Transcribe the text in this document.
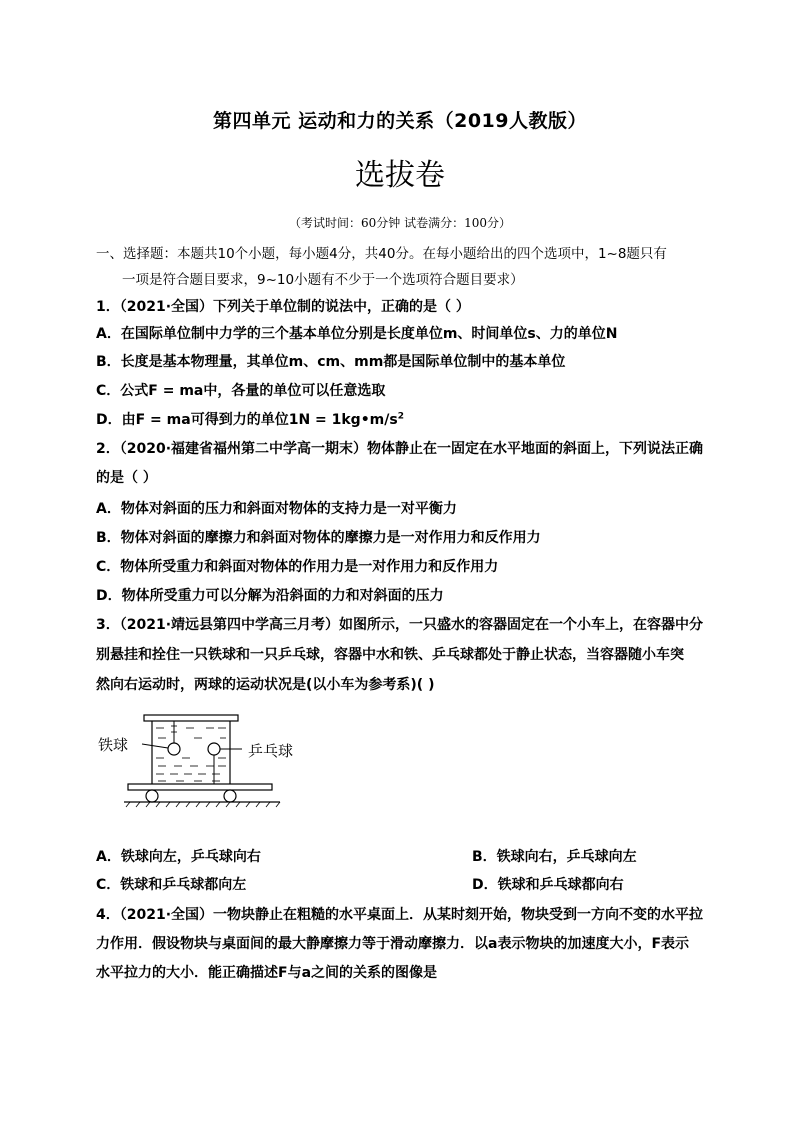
第四单元 运动和力的关系（2019人教版）
选拔卷
（考试时间：60分钟 试卷满分：100分）
一、选择题：本题共10个小题，每小题4分，共40分。在每小题给出的四个选项中，1~8题只有
一项是符合题目要求，9~10小题有不少于一个选项符合题目要求）
1．（2021·全国）下列关于单位制的说法中，正确的是（ ）
A．在国际单位制中力学的三个基本单位分别是长度单位m、时间单位s、力的单位N
B．长度是基本物理量，其单位m、cm、mm都是国际单位制中的基本单位
C．公式F = ma中，各量的单位可以任意选取
D．由F = ma可得到力的单位$1N = 1kg•m/s^2$
2．（2020·福建省福州第二中学高一期末）物体静止在一固定在水平地面的斜面上，下列说法正确
的是（ ）
A．物体对斜面的压力和斜面对物体的支持力是一对平衡力
B．物体对斜面的摩擦力和斜面对物体的摩擦力是一对作用力和反作用力
C．物体所受重力和斜面对物体的作用力是一对作用力和反作用力
D．物体所受重力可以分解为沿斜面的力和对斜面的压力
3．（2021·靖远县第四中学高三月考）如图所示，一只盛水的容器固定在一个小车上，在容器中分
别悬挂和拴住一只铁球和一只乒乓球，容器中水和铁、乒乓球都处于静止状态，当容器随小车突
然向右运动时，两球的运动状况是(以小车为参考系)( )
铁球	乒乓球
A．铁球向左，乒乓球向右	B．铁球向右，乒乓球向左
C．铁球和乒乓球都向左	D．铁球和乒乓球都向右
4．（2021·全国）一物块静止在粗糙的水平桌面上．从某时刻开始，物块受到一方向不变的水平拉
力作用．假设物块与桌面间的最大静摩擦力等于滑动摩擦力．以a表示物块的加速度大小，F表示
水平拉力的大小．能正确描述F与a之间的关系的图像是
